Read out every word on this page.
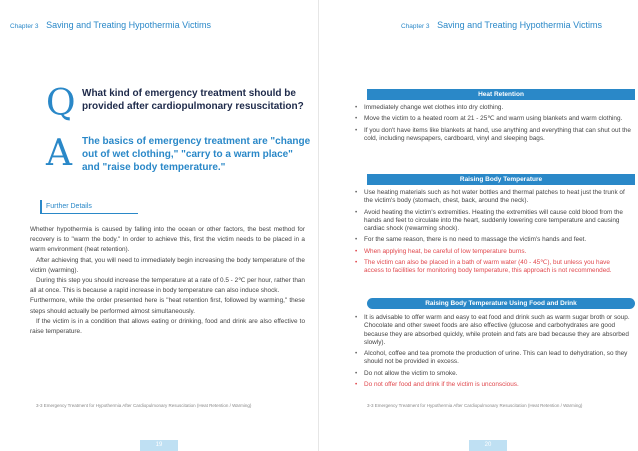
Chapter 3 Saving and Treating Hypothermia Victims
Q What kind of emergency treatment should be provided after cardiopulmonary resuscitation?
A The basics of emergency treatment are "change out of wet clothing," "carry to a warm place" and "raise body temperature."
Further Details

Whether hypothermia is caused by falling into the ocean or other factors, the best method for recovery is to "warm the body." In order to achieve this, first the victim needs to be placed in a warm environment (heat retention).

After achieving that, you will need to immediately begin increasing the body temperature of the victim (warming).

During this step you should increase the temperature at a rate of 0.5 - 2℃ per hour, rather than all at once. This is because a rapid increase in body temperature can also induce shock.

Furthermore, while the order presented here is "heat retention first, followed by warming," these steps should actually be performed almost simultaneously.

If the victim is in a condition that allows eating or drinking, food and drink are also effective to raise temperature.

3-3 Emergency Treatment for Hypothermia After Cardiopulmonary Resuscitation (Heat Retention / Warming)
19
Chapter 3 Saving and Treating Hypothermia Victims
Heat Retention
• Immediately change wet clothes into dry clothing.
• Move the victim to a heated room at 21 - 25℃ and warm using blankets and warm clothing.
• If you don't have items like blankets at hand, use anything and everything that can shut out the cold, including newspapers, cardboard, vinyl and sleeping bags.
Raising Body Temperature
• Use heating materials such as hot water bottles and thermal patches to heat just the trunk of the victim's body (stomach, chest, back, around the neck).
• Avoid heating the victim's extremities. Heating the extremities will cause cold blood from the hands and feet to circulate into the heart, suddenly lowering core temperature and causing cardiac shock (rewarming shock).
• For the same reason, there is no need to massage the victim's hands and feet.
• When applying heat, be careful of low temperature burns.
• The victim can also be placed in a bath of warm water (40 - 45℃), but unless you have access to facilities for monitoring body temperature, this approach is not recommended.
Raising Body Temperature Using Food and Drink
• It is advisable to offer warm and easy to eat food and drink such as warm sugar broth or soup. Chocolate and other sweet foods are also effective (glucose and carbohydrates are good because they are absorbed quickly, while protein and fats are bad because they are absorbed slowly).
• Alcohol, coffee and tea promote the production of urine. This can lead to dehydration, so they should not be provided in excess.
• Do not allow the victim to smoke.
• Do not offer food and drink if the victim is unconscious.
3-3 Emergency Treatment for Hypothermia After Cardiopulmonary Resuscitation (Heat Retention / Warming)
20
